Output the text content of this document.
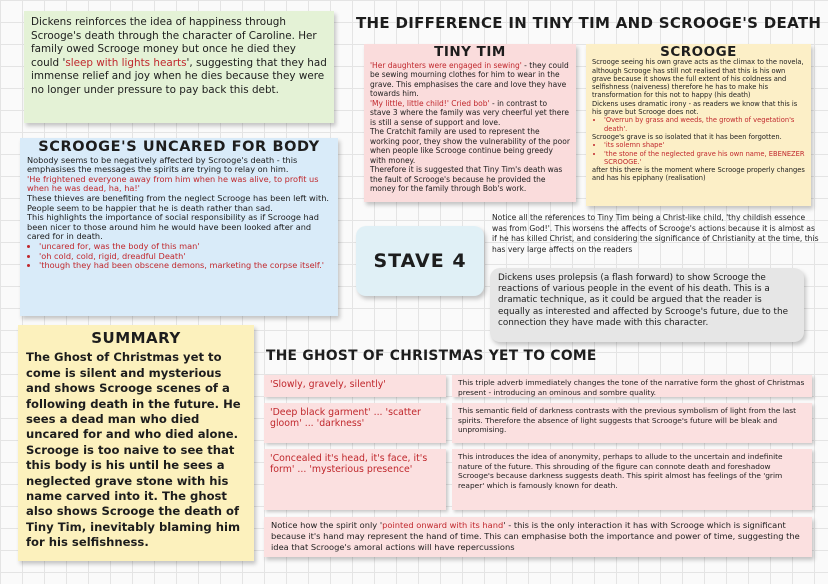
Dickens reinforces the idea of happiness through Scrooge's death through the character of Caroline. Her family owed Scrooge money but once he died they could 'sleep with lights hearts', suggesting that they had immense relief and joy when he dies because they were no longer under pressure to pay back this debt.
THE DIFFERENCE IN TINY TIM AND SCROOGE'S DEATH
TINY TIM

'Her daughters were engaged in sewing' - they could be sewing mourning clothes for him to wear in the grave. This emphasises the care and love they have towards him.

'My little, little child!' Cried bob' - in contrast to stave 3 where the family was very cheerful yet there is still a sense of support and love.

The Cratchit family are used to represent the working poor, they show the vulnerability of the poor when people like Scrooge continue being greedy with money.

Therefore it is suggested that Tiny Tim's death was the fault of Scrooge's because he provided the money for the family through Bob's work.

SCROOGE

Scrooge seeing his own grave acts as the climax to the novela, although Scrooge has still not realised that this is his own grave because it shows the full extent of his coldness and selfishness (naiveness) therefore he has to make his transformation for this not to happy (his death)

Dickens uses dramatic irony - as readers we know that this is his grave but Scrooge does not.

• 'Overrun by grass and weeds, the growth of vegetation's death'.

Scrooge's grave is so isolated that it has been forgotten.

• 'its solemn shape'
• 'the stone of the neglected grave his own name, EBENEZER SCROOGE.'

after this there is the moment where Scrooge properly changes and has his epiphany (realisation)

SCROOGE'S UNCARED FOR BODY

Nobody seems to be negatively affected by Scrooge's death - this emphasises the messages the spirits are trying to relay on him.

'He frightened everyone away from him when he was alive, to profit us when he was dead, ha, ha!'

These thieves are benefiting from the neglect Scrooge has been left with. People seem to be happier that he is death rather than sad.

This highlights the importance of social responsibility as if Scrooge had been nicer to those around him he would have been looked after and cared for in death.

• 'uncared for, was the body of this man'
• 'oh cold, cold, rigid, dreadful Death'
• 'though they had been obscene demons, marketing the corpse itself.'	STAVE 4
Notice all the references to Tiny Tim being a Christ-like child, 'thy childish essence was from God!'. This worsens the affects of Scrooge's actions because it is almost as if he has killed Christ, and considering the significance of Christianity at the time, this has very large affects on the readers
Dickens uses prolepsis (a flash forward) to show Scrooge the reactions of various people in the event of his death. This is a dramatic technique, as it could be argued that the reader is equally as interested and affected by Scrooge's future, due to the connection they have made with this character.
SUMMARY

The Ghost of Christmas yet to come is silent and mysterious and shows Scrooge scenes of a following death in the future. He sees a dead man who died uncared for and who died alone. Scrooge is too naive to see that this body is his until he sees a neglected grave stone with his name carved into it. The ghost also shows Scrooge the death of Tiny Tim, inevitably blaming him for his selfishness.

THE GHOST OF CHRISTMAS YET TO COME
'Slowly, gravely, silently'	This triple adverb immediately changes the tone of the narrative form the ghost of Christmas present - introducing an ominous and sombre quality.
'Deep black garment' ... 'scatter gloom' ... 'darkness'
This semantic field of darkness contrasts with the previous symbolism of light from the last spirits. Therefore the absence of light suggests that Scrooge's future will be bleak and unpromising.
'Concealed it's head, it's face, it's form' ... 'mysterious presence'
This introduces the idea of anonymity, perhaps to allude to the uncertain and indefinite nature of the future. This shrouding of the figure can connote death and foreshadow Scrooge's because darkness suggests death. This spirit almost has feelings of the 'grim reaper' which is famously known for death.
Notice how the spirit only 'pointed onward with its hand' - this is the only interaction it has with Scrooge which is significant because it's hand may represent the hand of time. This can emphasise both the importance and power of time, suggesting the idea that Scrooge's amoral actions will have repercussions
